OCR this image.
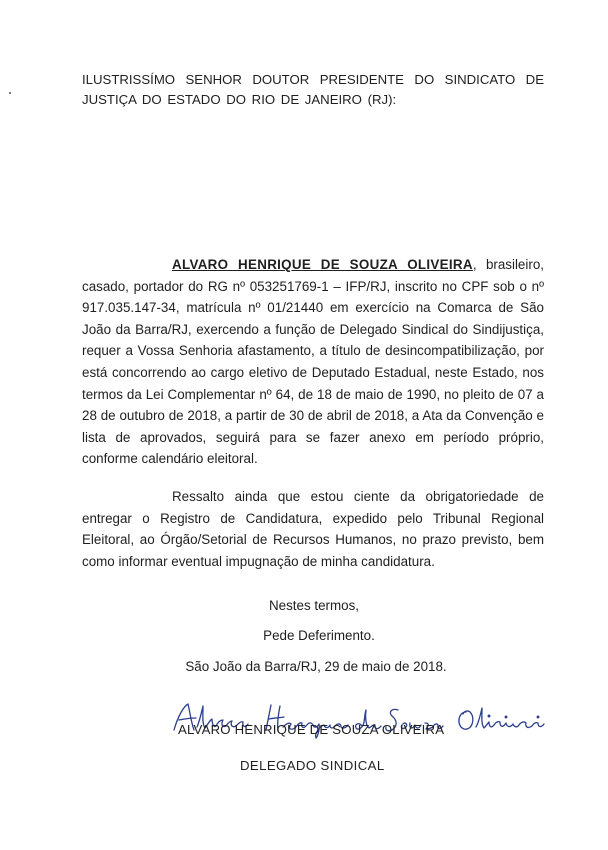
ILUSTRISSÍMO SENHOR DOUTOR PRESIDENTE DO SINDICATO DE
JUSTIÇA DO ESTADO DO RIO DE JANEIRO (RJ):

ALVARO HENRIQUE DE SOUZA OLIVEIRA, brasileiro, casado, portador do RG nº 053251769-1 – IFP/RJ, inscrito no CPF sob o nº 917.035.147-34, matrícula nº 01/21440 em exercício na Comarca de São João da Barra/RJ, exercendo a função de Delegado Sindical do Sindijustiça, requer a Vossa Senhoria afastamento, a título de desincompatibilização, por está concorrendo ao cargo eletivo de Deputado Estadual, neste Estado, nos termos da Lei Complementar nº 64, de 18 de maio de 1990, no pleito de 07 a 28 de outubro de 2018, a partir de 30 de abril de 2018, a Ata da Convenção e lista de aprovados, seguirá para se fazer anexo em período próprio, conforme calendário eleitoral.

Ressalto ainda que estou ciente da obrigatoriedade de entregar o Registro de Candidatura, expedido pelo Tribunal Regional Eleitoral, ao Órgão/Setorial de Recursos Humanos, no prazo previsto, bem como informar eventual impugnação de minha candidatura.

Nestes termos,
Pede Deferimento.
São João da Barra/RJ, 29 de maio de 2018.
ALVARO HENRIQUE DE SOUZA OLIVEIRA
DELEGADO SINDICAL
